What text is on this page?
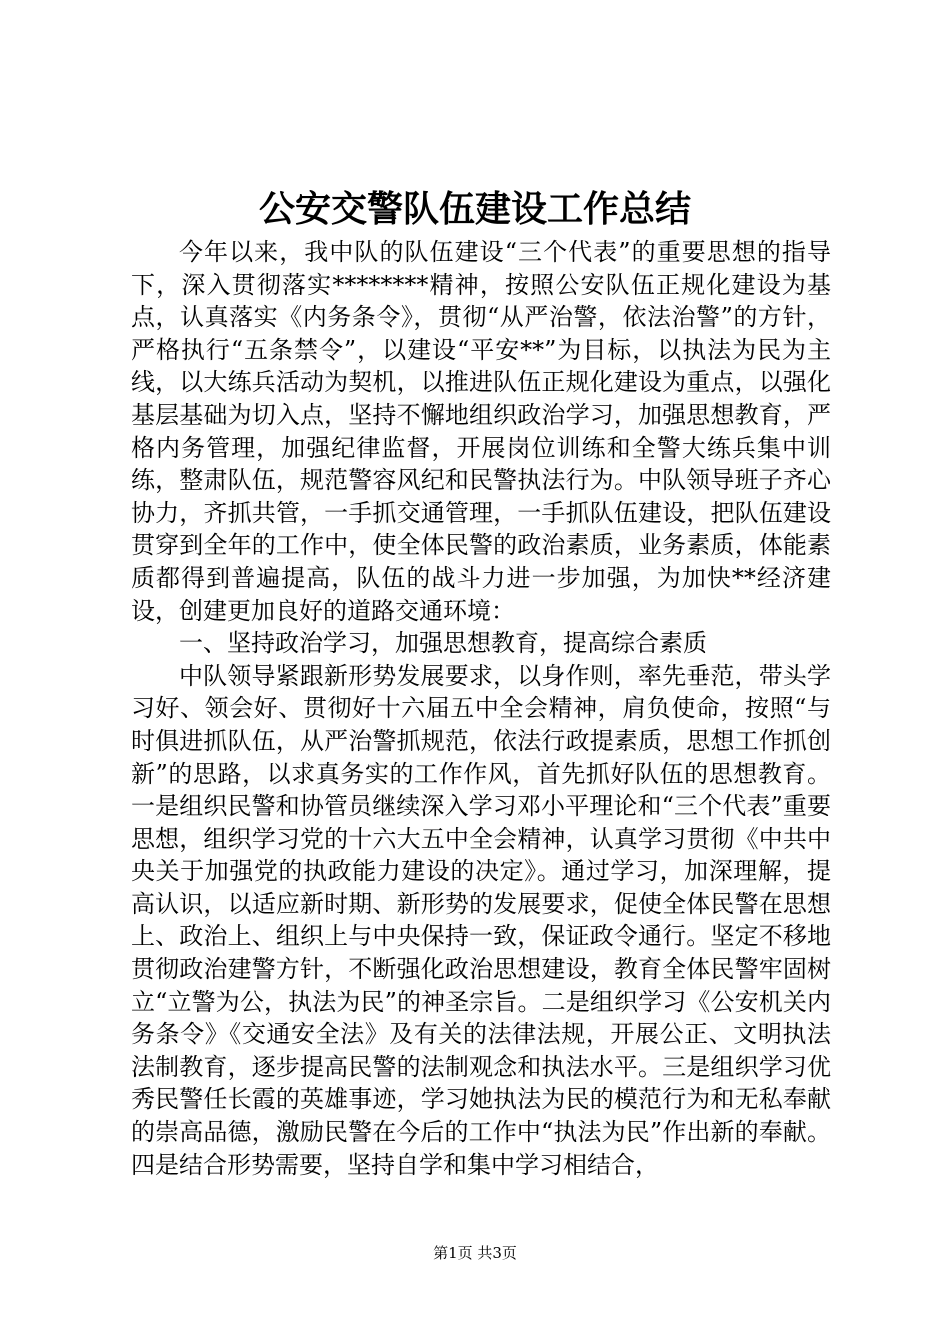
公安交警队伍建设工作总结

今年以来，我中队的队伍建设“三个代表”的重要思想的指导下，深入贯彻落实********精神，按照公安队伍正规化建设为基点，认真落实《内务条令》，贯彻“从严治警，依法治警”的方针，严格执行“五条禁令”，以建设“平安**”为目标，以执法为民为主线，以大练兵活动为契机，以推进队伍正规化建设为重点，以强化基层基础为切入点，坚持不懈地组织政治学习，加强思想教育，严格内务管理，加强纪律监督，开展岗位训练和全警大练兵集中训练，整肃队伍，规范警容风纪和民警执法行为。中队领导班子齐心协力，齐抓共管，一手抓交通管理，一手抓队伍建设，把队伍建设贯穿到全年的工作中，使全体民警的政治素质，业务素质，体能素质都得到普遍提高，队伍的战斗力进一步加强，为加快**经济建设，创建更加良好的道路交通环境：

一、坚持政治学习，加强思想教育，提高综合素质

中队领导紧跟新形势发展要求，以身作则，率先垂范，带头学习好、领会好、贯彻好十六届五中全会精神，肩负使命，按照“与时俱进抓队伍，从严治警抓规范，依法行政提素质，思想工作抓创新”的思路，以求真务实的工作作风，首先抓好队伍的思想教育。一是组织民警和协管员继续深入学习邓小平理论和“三个代表”重要思想，组织学习党的十六大五中全会精神，认真学习贯彻《中共中央关于加强党的执政能力建设的决定》。通过学习，加深理解，提高认识，以适应新时期、新形势的发展要求，促使全体民警在思想上、政治上、组织上与中央保持一致，保证政令通行。坚定不移地贯彻政治建警方针，不断强化政治思想建设，教育全体民警牢固树立“立警为公，执法为民”的神圣宗旨。二是组织学习《公安机关内务条令》《交通安全法》及有关的法律法规，开展公正、文明执法法制教育，逐步提高民警的法制观念和执法水平。三是组织学习优秀民警任长霞的英雄事迹，学习她执法为民的模范行为和无私奉献的崇高品德，激励民警在今后的工作中“执法为民”作出新的奉献。四是结合形势需要，坚持自学和集中学习相结合，

第1页 共3页
